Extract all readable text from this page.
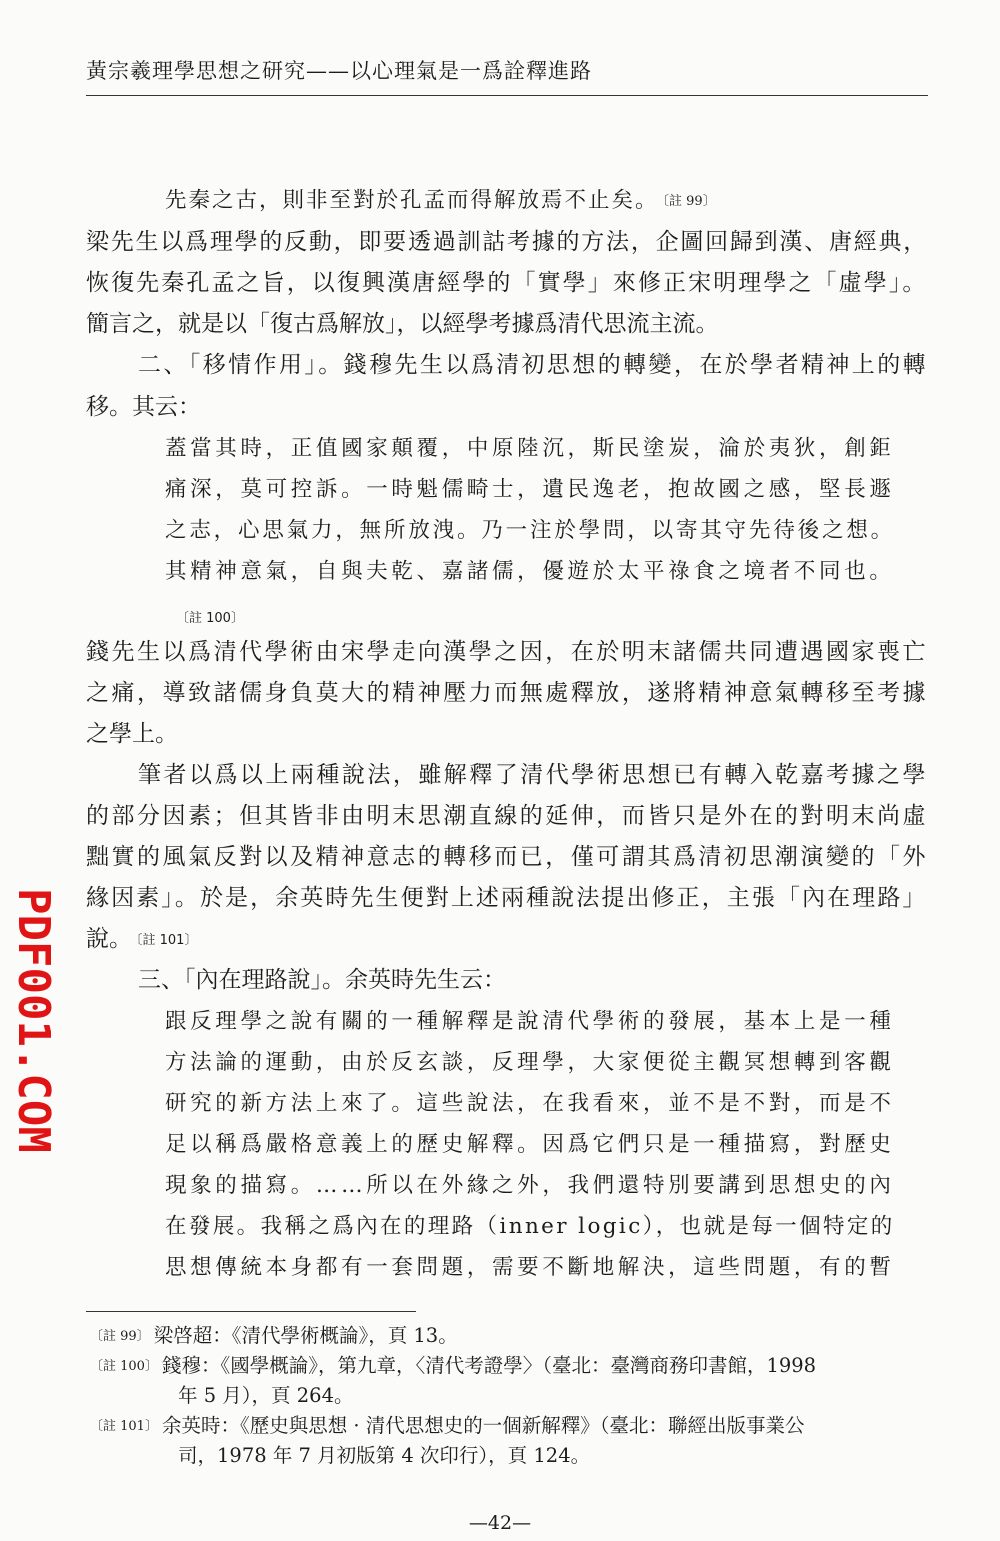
黃宗羲理學思想之研究——以心理氣是一爲詮釋進路
PDF001.COM
先秦之古，則非至對於孔孟而得解放焉不止矣。 〔註 99〕
梁先生以爲理學的反動，即要透過訓詁考據的方法，企圖回歸到漢、唐經典，
恢復先秦孔孟之旨，以復興漢唐經學的「實學」來修正宋明理學之「虛學」。
簡言之，就是以「復古爲解放」，以經學考據爲清代思流主流。
二、「移情作用」。錢穆先生以爲清初思想的轉變，在於學者精神上的轉
移。其云：
蓋當其時，正值國家顛覆，中原陸沉，斯民塗炭，淪於夷狄，創鉅
痛深，莫可控訴。一時魁儒畸士，遺民逸老，抱故國之感，堅長遯
之志，心思氣力，無所放洩。乃一注於學問，以寄其守先待後之想。
其精神意氣，自與夫乾、嘉諸儒，優遊於太平祿食之境者不同也。
〔註 100〕
錢先生以爲清代學術由宋學走向漢學之因，在於明末諸儒共同遭遇國家喪亡
之痛，導致諸儒身負莫大的精神壓力而無處釋放，遂將精神意氣轉移至考據
之學上。
筆者以爲以上兩種說法，雖解釋了清代學術思想已有轉入乾嘉考據之學
的部分因素；但其皆非由明末思潮直線的延伸，而皆只是外在的對明末尚虛
黜實的風氣反對以及精神意志的轉移而已，僅可謂其爲清初思潮演變的「外
緣因素」。於是，余英時先生便對上述兩種說法提出修正，主張「內在理路」
說。 〔註 101〕
三、「內在理路說」。余英時先生云：
跟反理學之說有關的一種解釋是說清代學術的發展，基本上是一種
方法論的運動，由於反玄談，反理學，大家便從主觀冥想轉到客觀
研究的新方法上來了。這些說法，在我看來，並不是不對，而是不
足以稱爲嚴格意義上的歷史解釋。因爲它們只是一種描寫，對歷史
現象的描寫。……所以在外緣之外，我們還特別要講到思想史的內
在發展。我稱之爲內在的理路（inner logic），也就是每一個特定的
思想傳統本身都有一套問題，需要不斷地解決，這些問題，有的暫
〔註 99〕 梁啓超：《清代學術概論》，頁 13。
〔註 100〕 錢穆：《國學概論》，第九章，〈清代考證學〉（臺北：臺灣商務印書館，1998
年 5 月），頁 264。
〔註 101〕 余英時：《歷史與思想 · 清代思想史的一個新解釋》（臺北：聯經出版事業公
司，1978 年 7 月初版第 4 次印行），頁 124。
—42—
